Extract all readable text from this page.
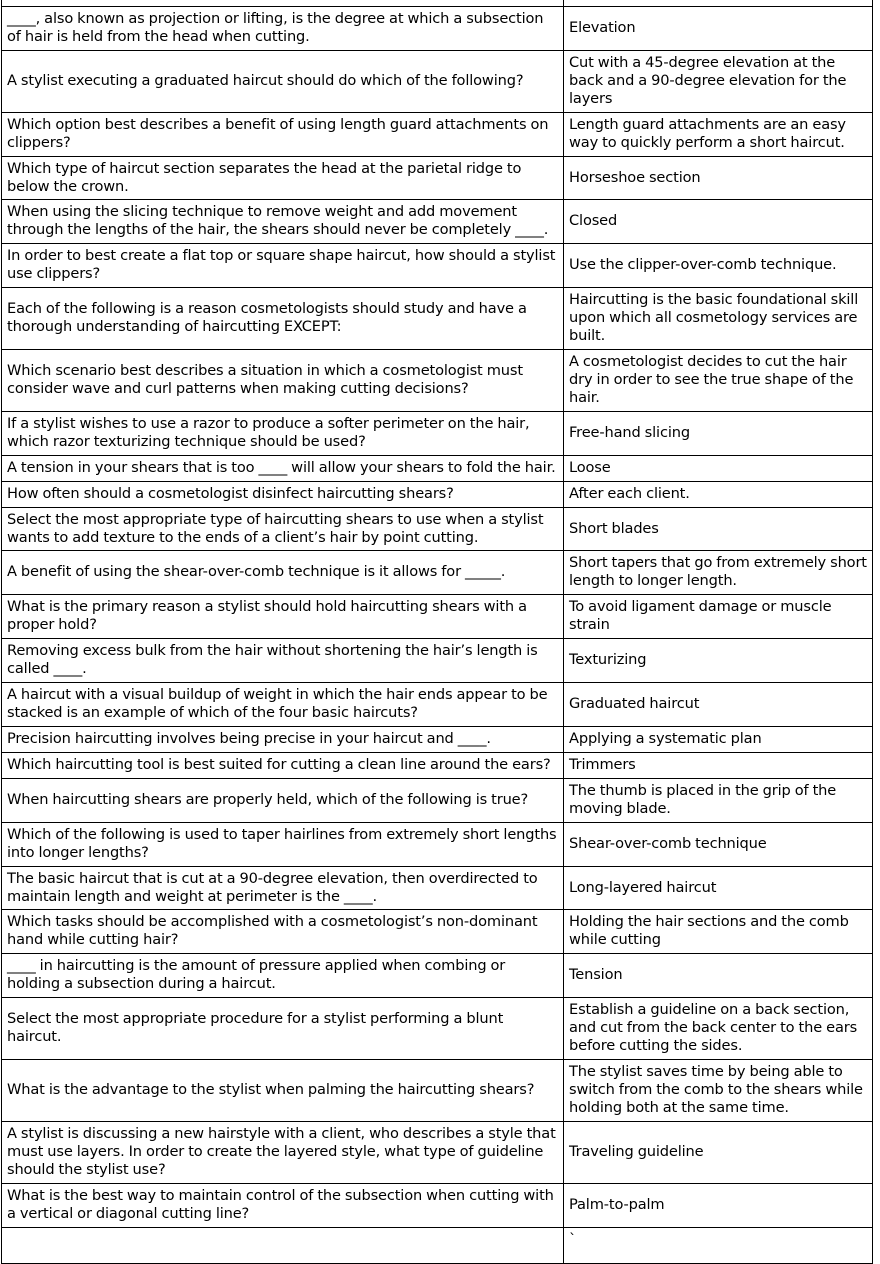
____, also known as projection or lifting, is the degree at which a subsection of hair is held from the head when cutting.	Elevation
A stylist executing a graduated haircut should do which of the following?	Cut with a 45-degree elevation at the back and a 90-degree elevation for the layers
Which option best describes a benefit of using length guard attachments on clippers?	Length guard attachments are an easy way to quickly perform a short haircut.
Which type of haircut section separates the head at the parietal ridge to below the crown.	Horseshoe section
When using the slicing technique to remove weight and add movement through the lengths of the hair, the shears should never be completely ____.	Closed
In order to best create a flat top or square shape haircut, how should a stylist use clippers?	Use the clipper-over-comb technique.
Each of the following is a reason cosmetologists should study and have a thorough understanding of haircutting EXCEPT:	Haircutting is the basic foundational skill upon which all cosmetology services are built.
Which scenario best describes a situation in which a cosmetologist must consider wave and curl patterns when making cutting decisions?	A cosmetologist decides to cut the hair dry in order to see the true shape of the hair.
If a stylist wishes to use a razor to produce a softer perimeter on the hair, which razor texturizing technique should be used?	Free-hand slicing
A tension in your shears that is too ____ will allow your shears to fold the hair.	Loose
How often should a cosmetologist disinfect haircutting shears?	After each client.
Select the most appropriate type of haircutting shears to use when a stylist wants to add texture to the ends of a client’s hair by point cutting.	Short blades
A benefit of using the shear-over-comb technique is it allows for _____.	Short tapers that go from extremely short length to longer length.
What is the primary reason a stylist should hold haircutting shears with a proper hold?	To avoid ligament damage or muscle strain
Removing excess bulk from the hair without shortening the hair’s length is called ____.	Texturizing
A haircut with a visual buildup of weight in which the hair ends appear to be stacked is an example of which of the four basic haircuts?	Graduated haircut
Precision haircutting involves being precise in your haircut and ____.	Applying a systematic plan
Which haircutting tool is best suited for cutting a clean line around the ears?	Trimmers
When haircutting shears are properly held, which of the following is true?	The thumb is placed in the grip of the moving blade.
Which of the following is used to taper hairlines from extremely short lengths into longer lengths?	Shear-over-comb technique
The basic haircut that is cut at a 90-degree elevation, then overdirected to maintain length and weight at perimeter is the ____.	Long-layered haircut
Which tasks should be accomplished with a cosmetologist’s non-dominant hand while cutting hair?	Holding the hair sections and the comb while cutting
____ in haircutting is the amount of pressure applied when combing or holding a subsection during a haircut.	Tension
Select the most appropriate procedure for a stylist performing a blunt haircut.	Establish a guideline on a back section, and cut from the back center to the ears before cutting the sides.
What is the advantage to the stylist when palming the haircutting shears?	The stylist saves time by being able to switch from the comb to the shears while holding both at the same time.
A stylist is discussing a new hairstyle with a client, who describes a style that must use layers. In order to create the layered style, what type of guideline should the stylist use?	Traveling guideline
What is the best way to maintain control of the subsection when cutting with a vertical or diagonal cutting line?	Palm-to-palm
	`
